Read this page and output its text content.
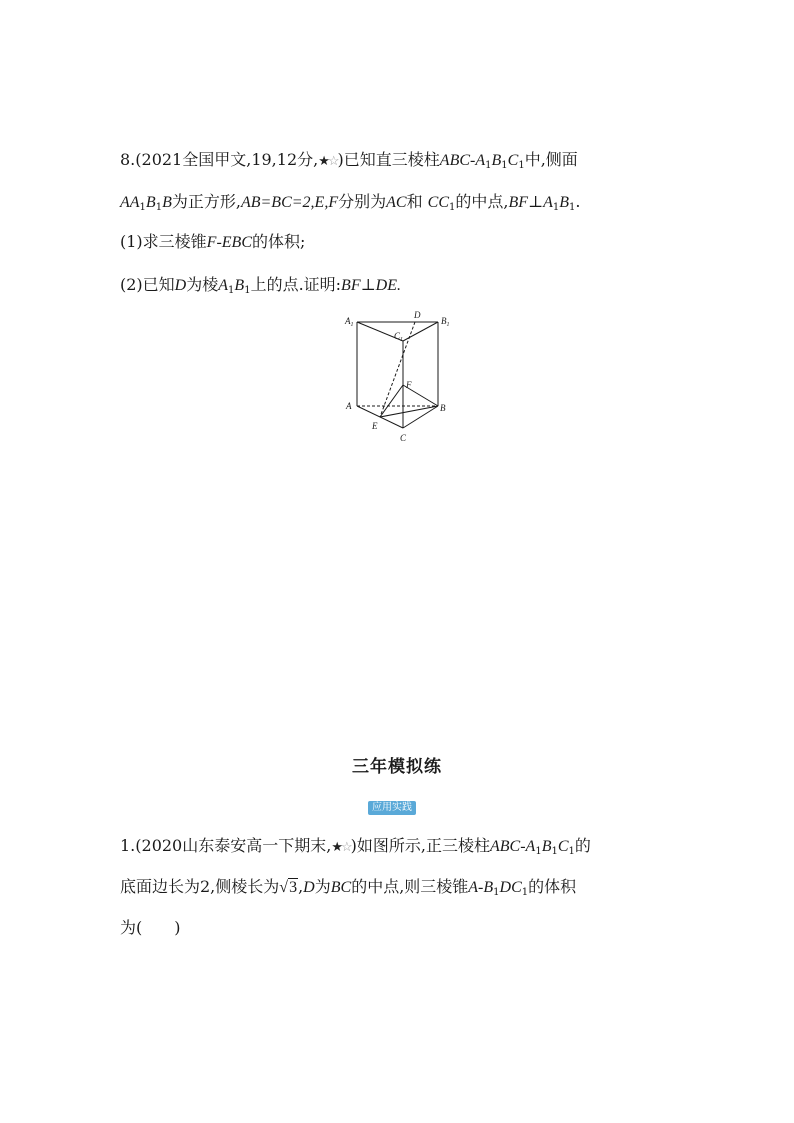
8.(2021全国甲文,19,12分,★☆)已知直三棱柱ABC-$A_1B_1C_1$中,侧面
$AA_1B_1B$为正方形,AB=BC=2,E,F分别为AC和 $CC_1$的中点$,BF\perp A_1B_1$.
(1)求三棱锥F-EBC的体积;
(2)已知D为棱$A_1B_1$上的点.证明:BF⊥DE.
$A_1$
$C_1$
D
$B_1$
F
A	B
E
C
三年模拟练
应用实践
1.(2020山东泰安高一下期末,★☆)如图所示,正三棱柱ABC-$A_1B_1C_1$的
底面边长为2,侧棱长为√3,D为BC的中点,则三棱锥$A-B_1DC_1$的体积
为(　　)
